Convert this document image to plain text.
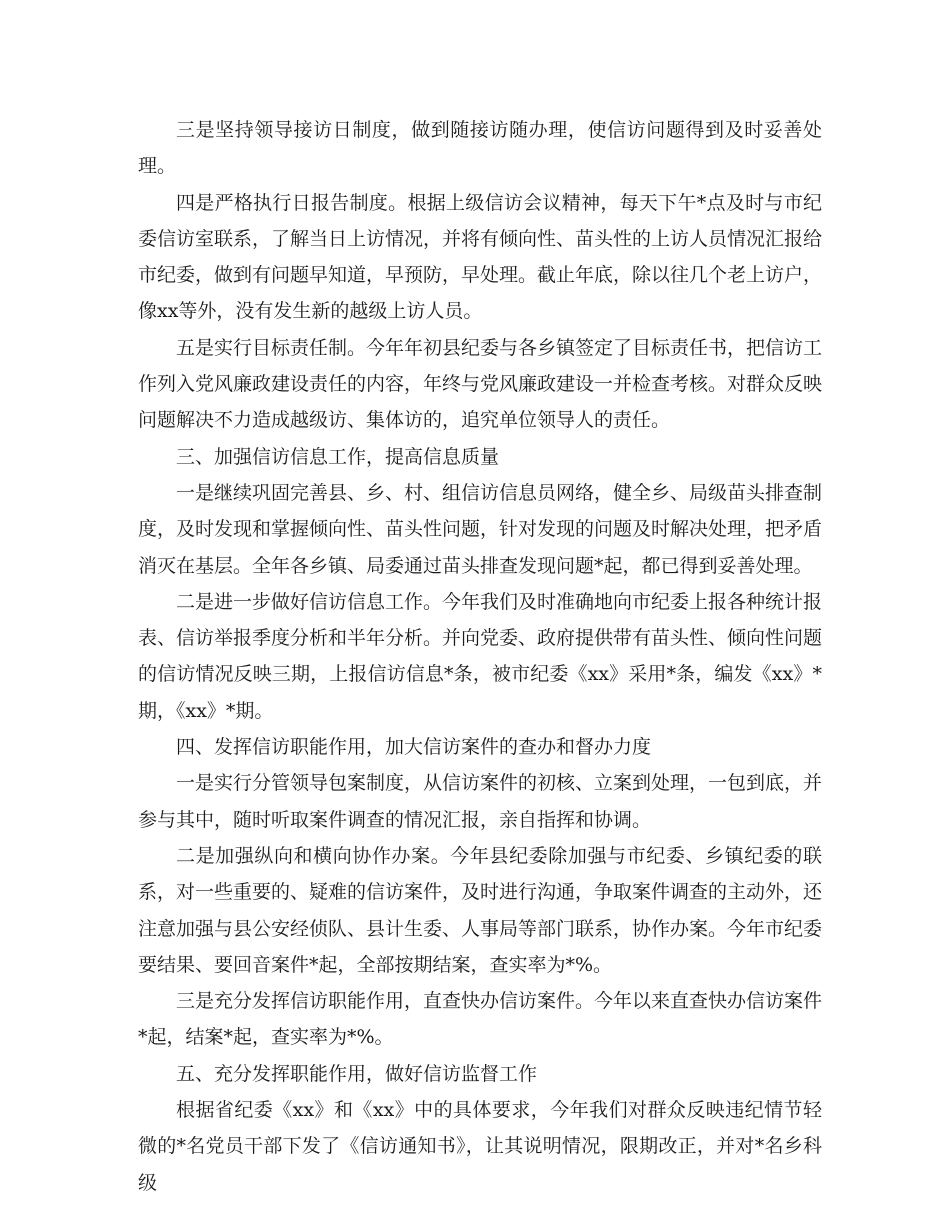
三是坚持领导接访日制度，做到随接访随办理，使信访问题得到及时妥善处理。

四是严格执行日报告制度。根据上级信访会议精神，每天下午*点及时与市纪委信访室联系，了解当日上访情况，并将有倾向性、苗头性的上访人员情况汇报给市纪委，做到有问题早知道，早预防，早处理。截止年底，除以往几个老上访户，像xx等外，没有发生新的越级上访人员。

五是实行目标责任制。今年年初县纪委与各乡镇签定了目标责任书，把信访工作列入党风廉政建设责任的内容，年终与党风廉政建设一并检查考核。对群众反映问题解决不力造成越级访、集体访的，追究单位领导人的责任。

三、加强信访信息工作，提高信息质量

一是继续巩固完善县、乡、村、组信访信息员网络，健全乡、局级苗头排查制度，及时发现和掌握倾向性、苗头性问题，针对发现的问题及时解决处理，把矛盾消灭在基层。全年各乡镇、局委通过苗头排查发现问题*起，都已得到妥善处理。

二是进一步做好信访信息工作。今年我们及时准确地向市纪委上报各种统计报表、信访举报季度分析和半年分析。并向党委、政府提供带有苗头性、倾向性问题的信访情况反映三期，上报信访信息*条，被市纪委《xx》采用*条，编发《xx》*期，《xx》*期。

四、发挥信访职能作用，加大信访案件的查办和督办力度

一是实行分管领导包案制度，从信访案件的初核、立案到处理，一包到底，并参与其中，随时听取案件调查的情况汇报，亲自指挥和协调。

二是加强纵向和横向协作办案。今年县纪委除加强与市纪委、乡镇纪委的联系，对一些重要的、疑难的信访案件，及时进行沟通，争取案件调查的主动外，还注意加强与县公安经侦队、县计生委、人事局等部门联系，协作办案。今年市纪委要结果、要回音案件*起，全部按期结案，查实率为*%。

三是充分发挥信访职能作用，直查快办信访案件。今年以来直查快办信访案件*起，结案*起，查实率为*%。

五、充分发挥职能作用，做好信访监督工作

根据省纪委《xx》和《xx》中的具体要求，今年我们对群众反映违纪情节轻微的*名党员干部下发了《信访通知书》，让其说明情况，限期改正，并对*名乡科级
